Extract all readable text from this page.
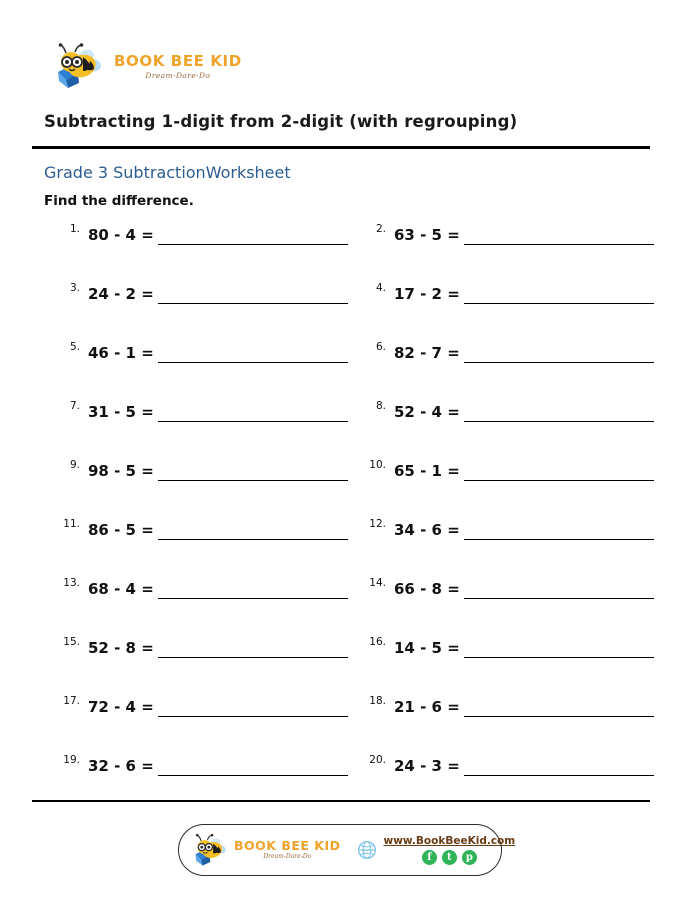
BOOK BEE KID
Dream-Dare-Do
Subtracting 1-digit from 2-digit (with regrouping)
Grade 3 SubtractionWorksheet
Find the difference.
1. 80 - 4 =	2. 63 - 5 =
3. 24 - 2 =	4. 17 - 2 =
5. 46 - 1 =	6. 82 - 7 =
7. 31 - 5 =	8. 52 - 4 =
9. 98 - 5 =	10. 65 - 1 =
11. 86 - 5 =	12. 34 - 6 =
13. 68 - 4 =	14. 66 - 8 =
15. 52 - 8 =	16. 14 - 5 =
17. 72 - 4 =	18. 21 - 6 =
19. 32 - 6 =	20. 24 - 3 =
BOOK BEE KID
Dream-Dare-Do
WWW
www.BookBeeKid.com
f	t	р
